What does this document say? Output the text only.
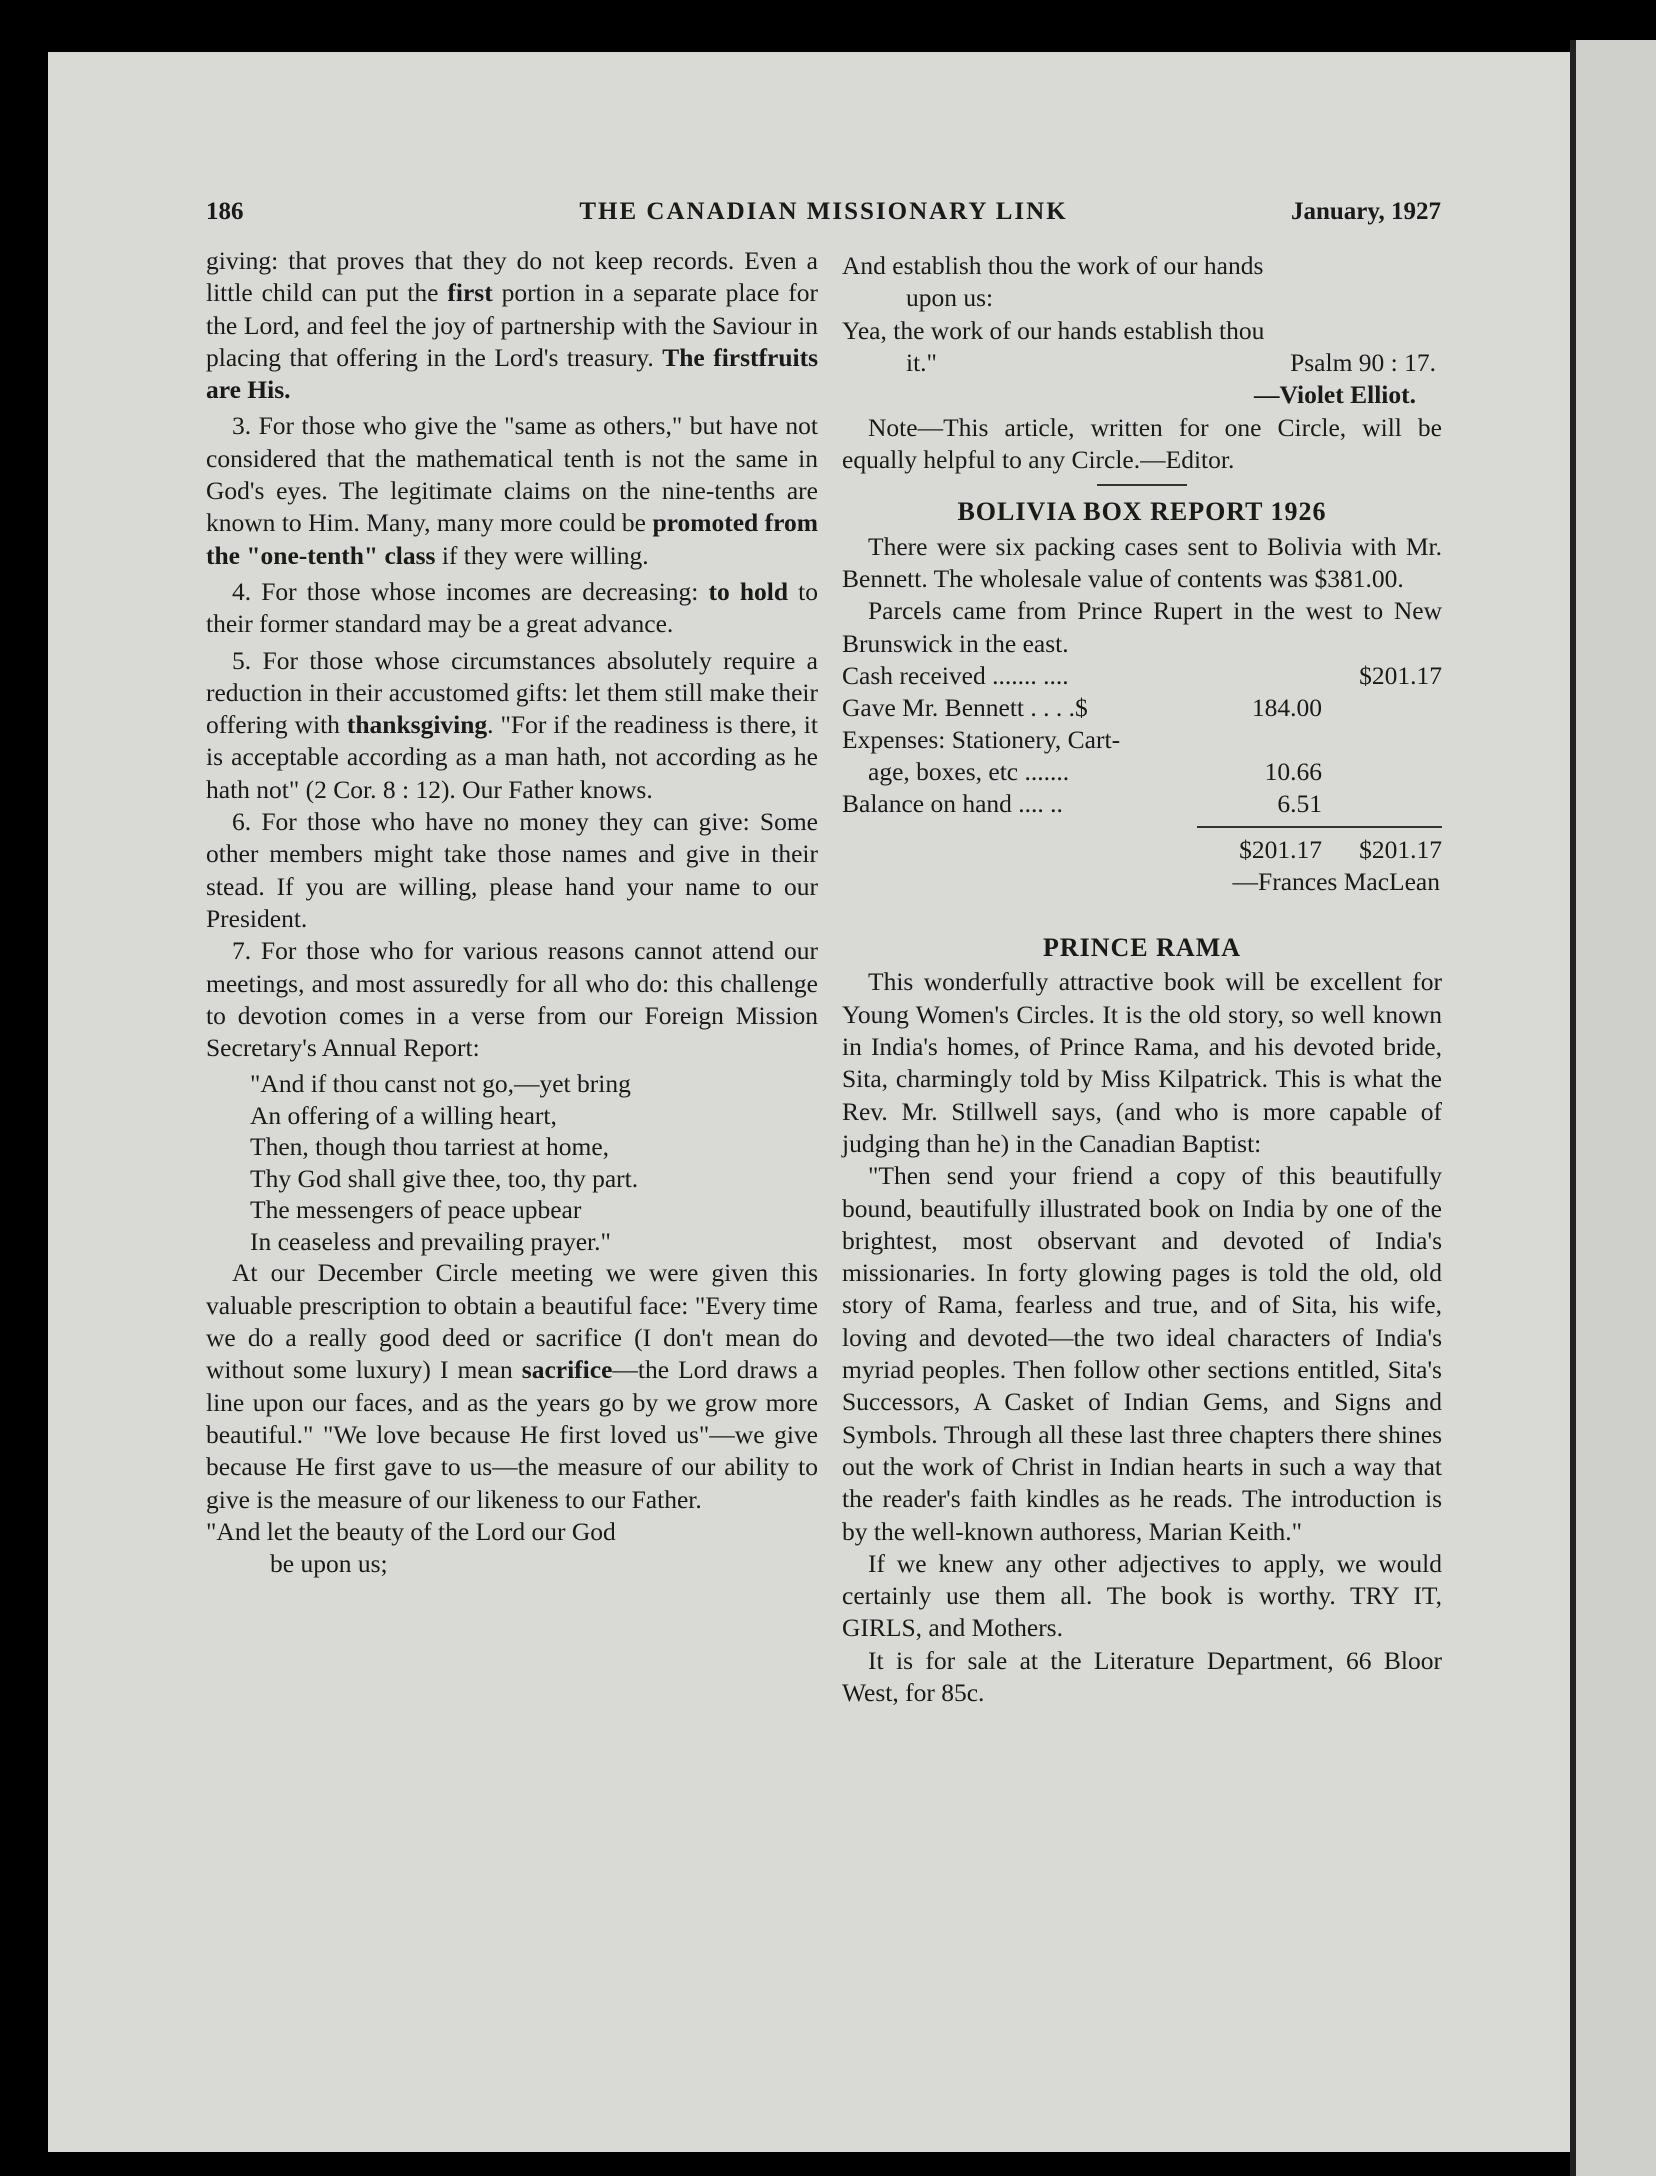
186	THE CANADIAN MISSIONARY LINK	January, 1927

giving: that proves that they do not keep records. Even a little child can put the first portion in a separate place for the Lord, and feel the joy of partnership with the Saviour in placing that offering in the Lord's treasury. The firstfruits are His.

3. For those who give the "same as others," but have not considered that the mathematical tenth is not the same in God's eyes. The legitimate claims on the nine-tenths are known to Him. Many, many more could be promoted from the "one-tenth" class if they were willing.

4. For those whose incomes are decreasing: to hold to their former standard may be a great advance.

5. For those whose circumstances absolutely require a reduction in their accustomed gifts: let them still make their offering with thanksgiving. "For if the readiness is there, it is acceptable according as a man hath, not according as he hath not" (2 Cor. 8 : 12). Our Father knows.

6. For those who have no money they can give: Some other members might take those names and give in their stead. If you are willing, please hand your name to our President.

7. For those who for various reasons cannot attend our meetings, and most assuredly for all who do: this challenge to devotion comes in a verse from our Foreign Mission Secretary's Annual Report:

"And if thou canst not go,—yet bring
An offering of a willing heart,
Then, though thou tarriest at home,
Thy God shall give thee, too, thy part.
The messengers of peace upbear
In ceaseless and prevailing prayer."

At our December Circle meeting we were given this valuable prescription to obtain a beautiful face: "Every time we do a really good deed or sacrifice (I don't mean do without some luxury) I mean sacrifice—the Lord draws a line upon our faces, and as the years go by we grow more beautiful." "We love because He first loved us"—we give because He first gave to us—the measure of our ability to give is the measure of our likeness to our Father.

"And let the beauty of the Lord our God
be upon us;
And establish thou the work of our hands
upon us:
Yea, the work of our hands establish thou
it."	Psalm 90 : 17.
—Violet Elliot.

Note—This article, written for one Circle, will be equally helpful to any Circle.—Editor.

BOLIVIA BOX REPORT 1926

There were six packing cases sent to Bolivia with Mr. Bennett. The wholesale value of contents was $381.00.

Parcels came from Prince Rupert in the west to New Brunswick in the east.

Cash received ....... ....	$201.17
Gave Mr. Bennett . . . .$	184.00
Expenses: Stationery, Cart-
age, boxes, etc .......	10.66
Balance on hand .... ..	6.51
$201.17	$201.17
—Frances MacLean
PRINCE RAMA

This wonderfully attractive book will be excellent for Young Women's Circles. It is the old story, so well known in India's homes, of Prince Rama, and his devoted bride, Sita, charmingly told by Miss Kilpatrick. This is what the Rev. Mr. Stillwell says, (and who is more capable of judging than he) in the Canadian Baptist:

"Then send your friend a copy of this beautifully bound, beautifully illustrated book on India by one of the brightest, most observant and devoted of India's missionaries. In forty glowing pages is told the old, old story of Rama, fearless and true, and of Sita, his wife, loving and devoted—the two ideal characters of India's myriad peoples. Then follow other sections entitled, Sita's Successors, A Casket of Indian Gems, and Signs and Symbols. Through all these last three chapters there shines out the work of Christ in Indian hearts in such a way that the reader's faith kindles as he reads. The introduction is by the well-known authoress, Marian Keith."

If we knew any other adjectives to apply, we would certainly use them all. The book is worthy. TRY IT, GIRLS, and Mothers.

It is for sale at the Literature Department, 66 Bloor West, for 85c.
